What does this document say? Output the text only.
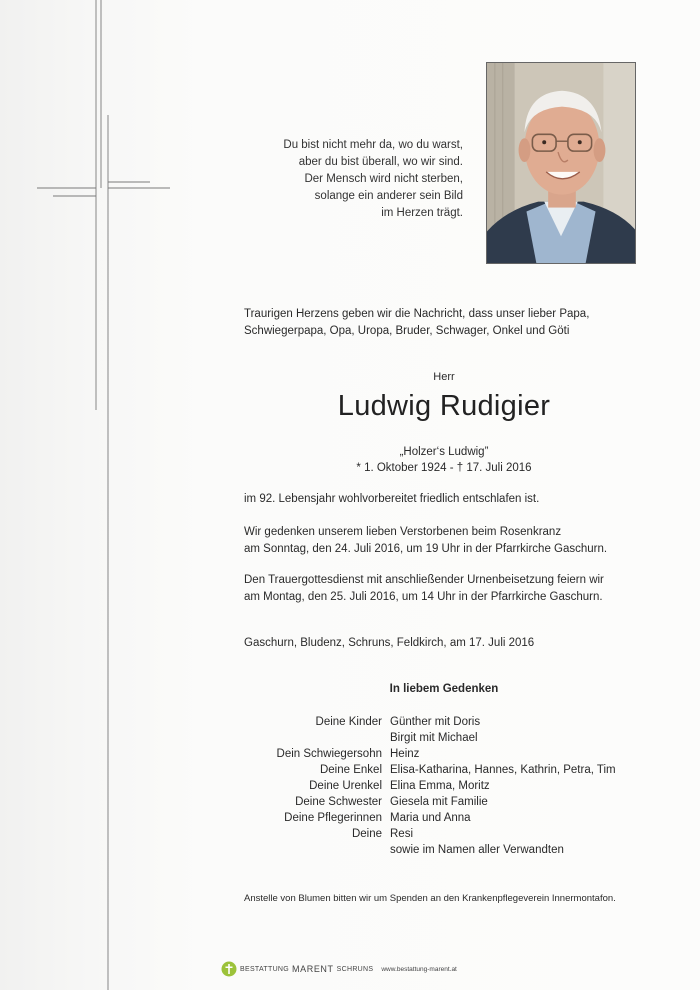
Du bist nicht mehr da, wo du warst,
aber du bist überall, wo wir sind.
Der Mensch wird nicht sterben,
solange ein anderer sein Bild
im Herzen trägt.
Traurigen Herzens geben wir die Nachricht, dass unser lieber Papa,
Schwiegerpapa, Opa, Uropa, Bruder, Schwager, Onkel und Göti
Herr
Ludwig Rudigier
„Holzer‘s Ludwig”
* 1. Oktober 1924 - † 17. Juli 2016
im 92. Lebensjahr wohlvorbereitet friedlich entschlafen ist.
Wir gedenken unserem lieben Verstorbenen beim Rosenkranz
am Sonntag, den 24. Juli 2016, um 19 Uhr in der Pfarrkirche Gaschurn.
Den Trauergottesdienst mit anschließender Urnenbeisetzung feiern wir
am Montag, den 25. Juli 2016, um 14 Uhr in der Pfarrkirche Gaschurn.
Gaschurn, Bludenz, Schruns, Feldkirch, am 17. Juli 2016
In liebem Gedenken
Deine Kinder Günther mit Doris
Birgit mit Michael
Dein Schwiegersohn Heinz
Deine Enkel Elisa-Katharina, Hannes, Kathrin, Petra, Tim
Deine Urenkel Elina Emma, Moritz
Deine Schwester Giesela mit Familie
Deine Pflegerinnen Maria und Anna
Deine Resi
sowie im Namen aller Verwandten
Anstelle von Blumen bitten wir um Spenden an den Krankenpflegeverein Innermontafon.
BESTATTUNG MARENT SCHRUNS www.bestattung-marent.at
